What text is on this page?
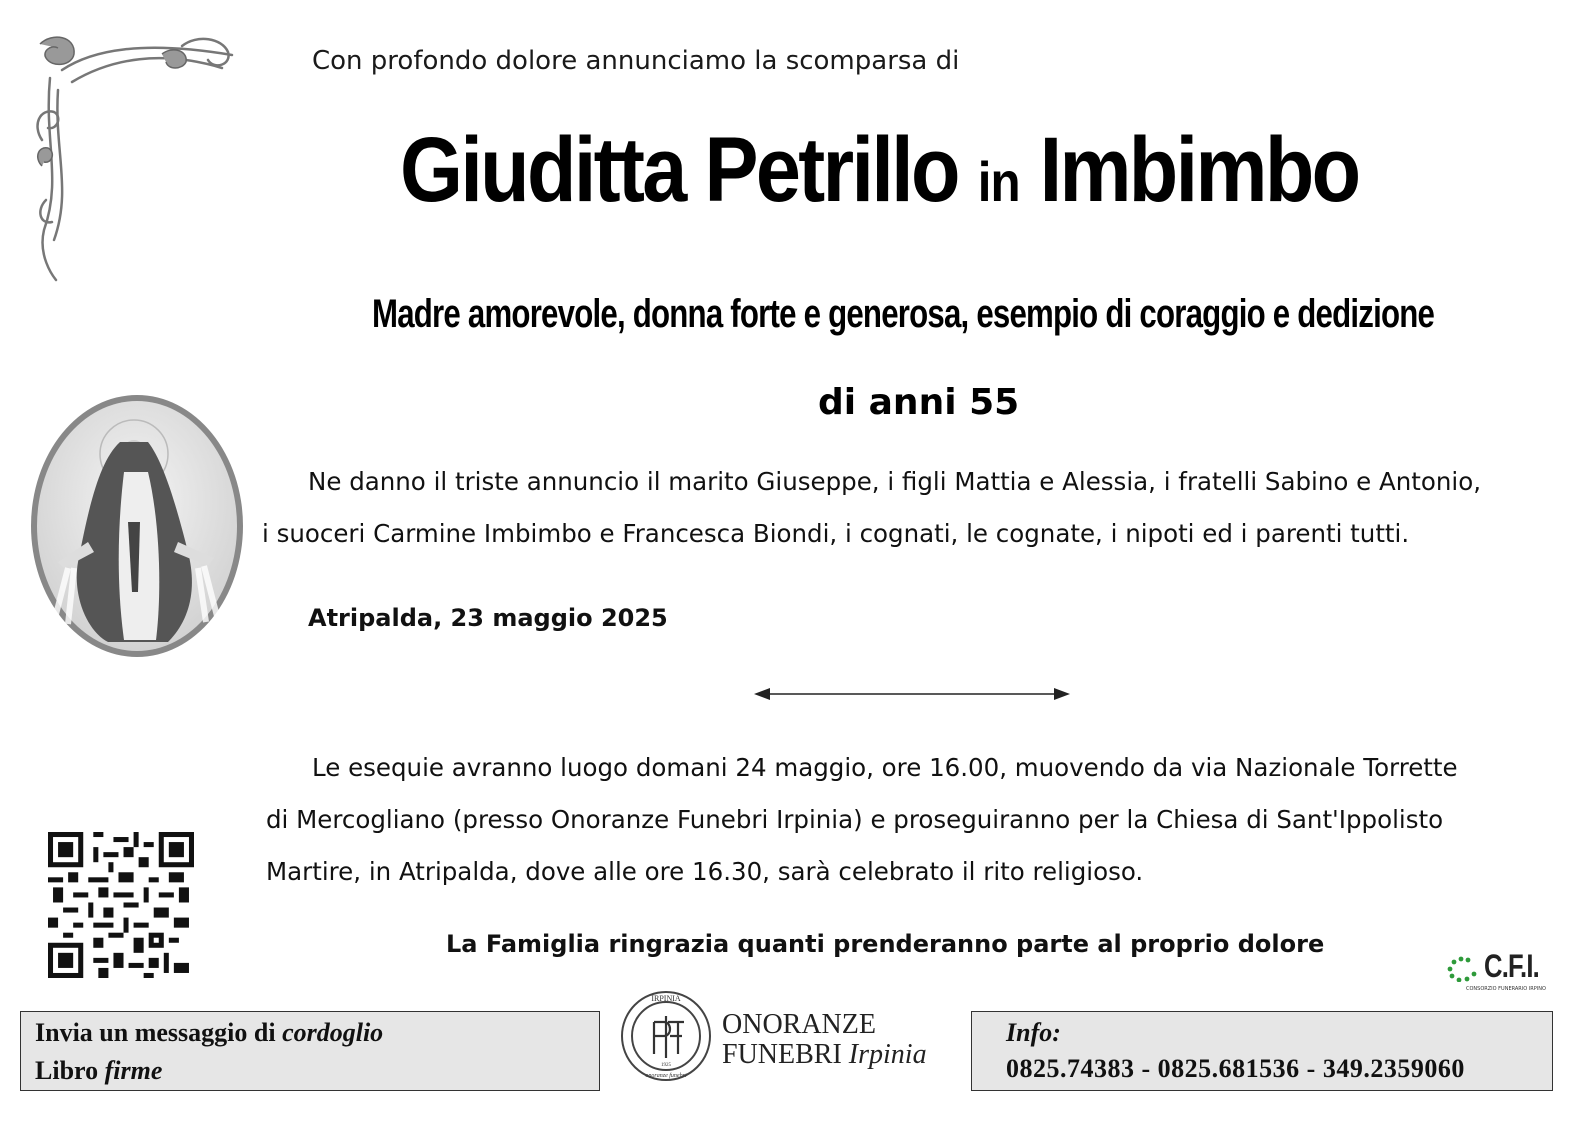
Con profondo dolore annunciamo la scomparsa di
Giuditta Petrillo in Imbimbo
Madre amorevole, donna forte e generosa, esempio di coraggio e dedizione
di anni 55
Ne danno il triste annuncio il marito Giuseppe, i figli Mattia e Alessia, i fratelli Sabino e Antonio,
i suoceri Carmine Imbimbo e Francesca Biondi, i cognati, le cognate, i nipoti ed i parenti tutti.
Atripalda, 23 maggio 2025
Le esequie avranno luogo domani 24 maggio, ore 16.00, muovendo da via Nazionale Torrette
di Mercogliano (presso Onoranze Funebri Irpinia) e proseguiranno per la Chiesa di Sant'Ippolisto
Martire, in Atripalda, dove alle ore 16.30, sarà celebrato il rito religioso.
La Famiglia ringrazia quanti prenderanno parte al proprio dolore
C.F.I.
CONSORZIO FUNERARIO IRPINO
Invia un messaggio di cordoglio
Libro firme
IRPINIA
onoranze funebri
1925
ONORANZE
FUNEBRI Irpinia
Info:
0825.74383 - 0825.681536 - 349.2359060
